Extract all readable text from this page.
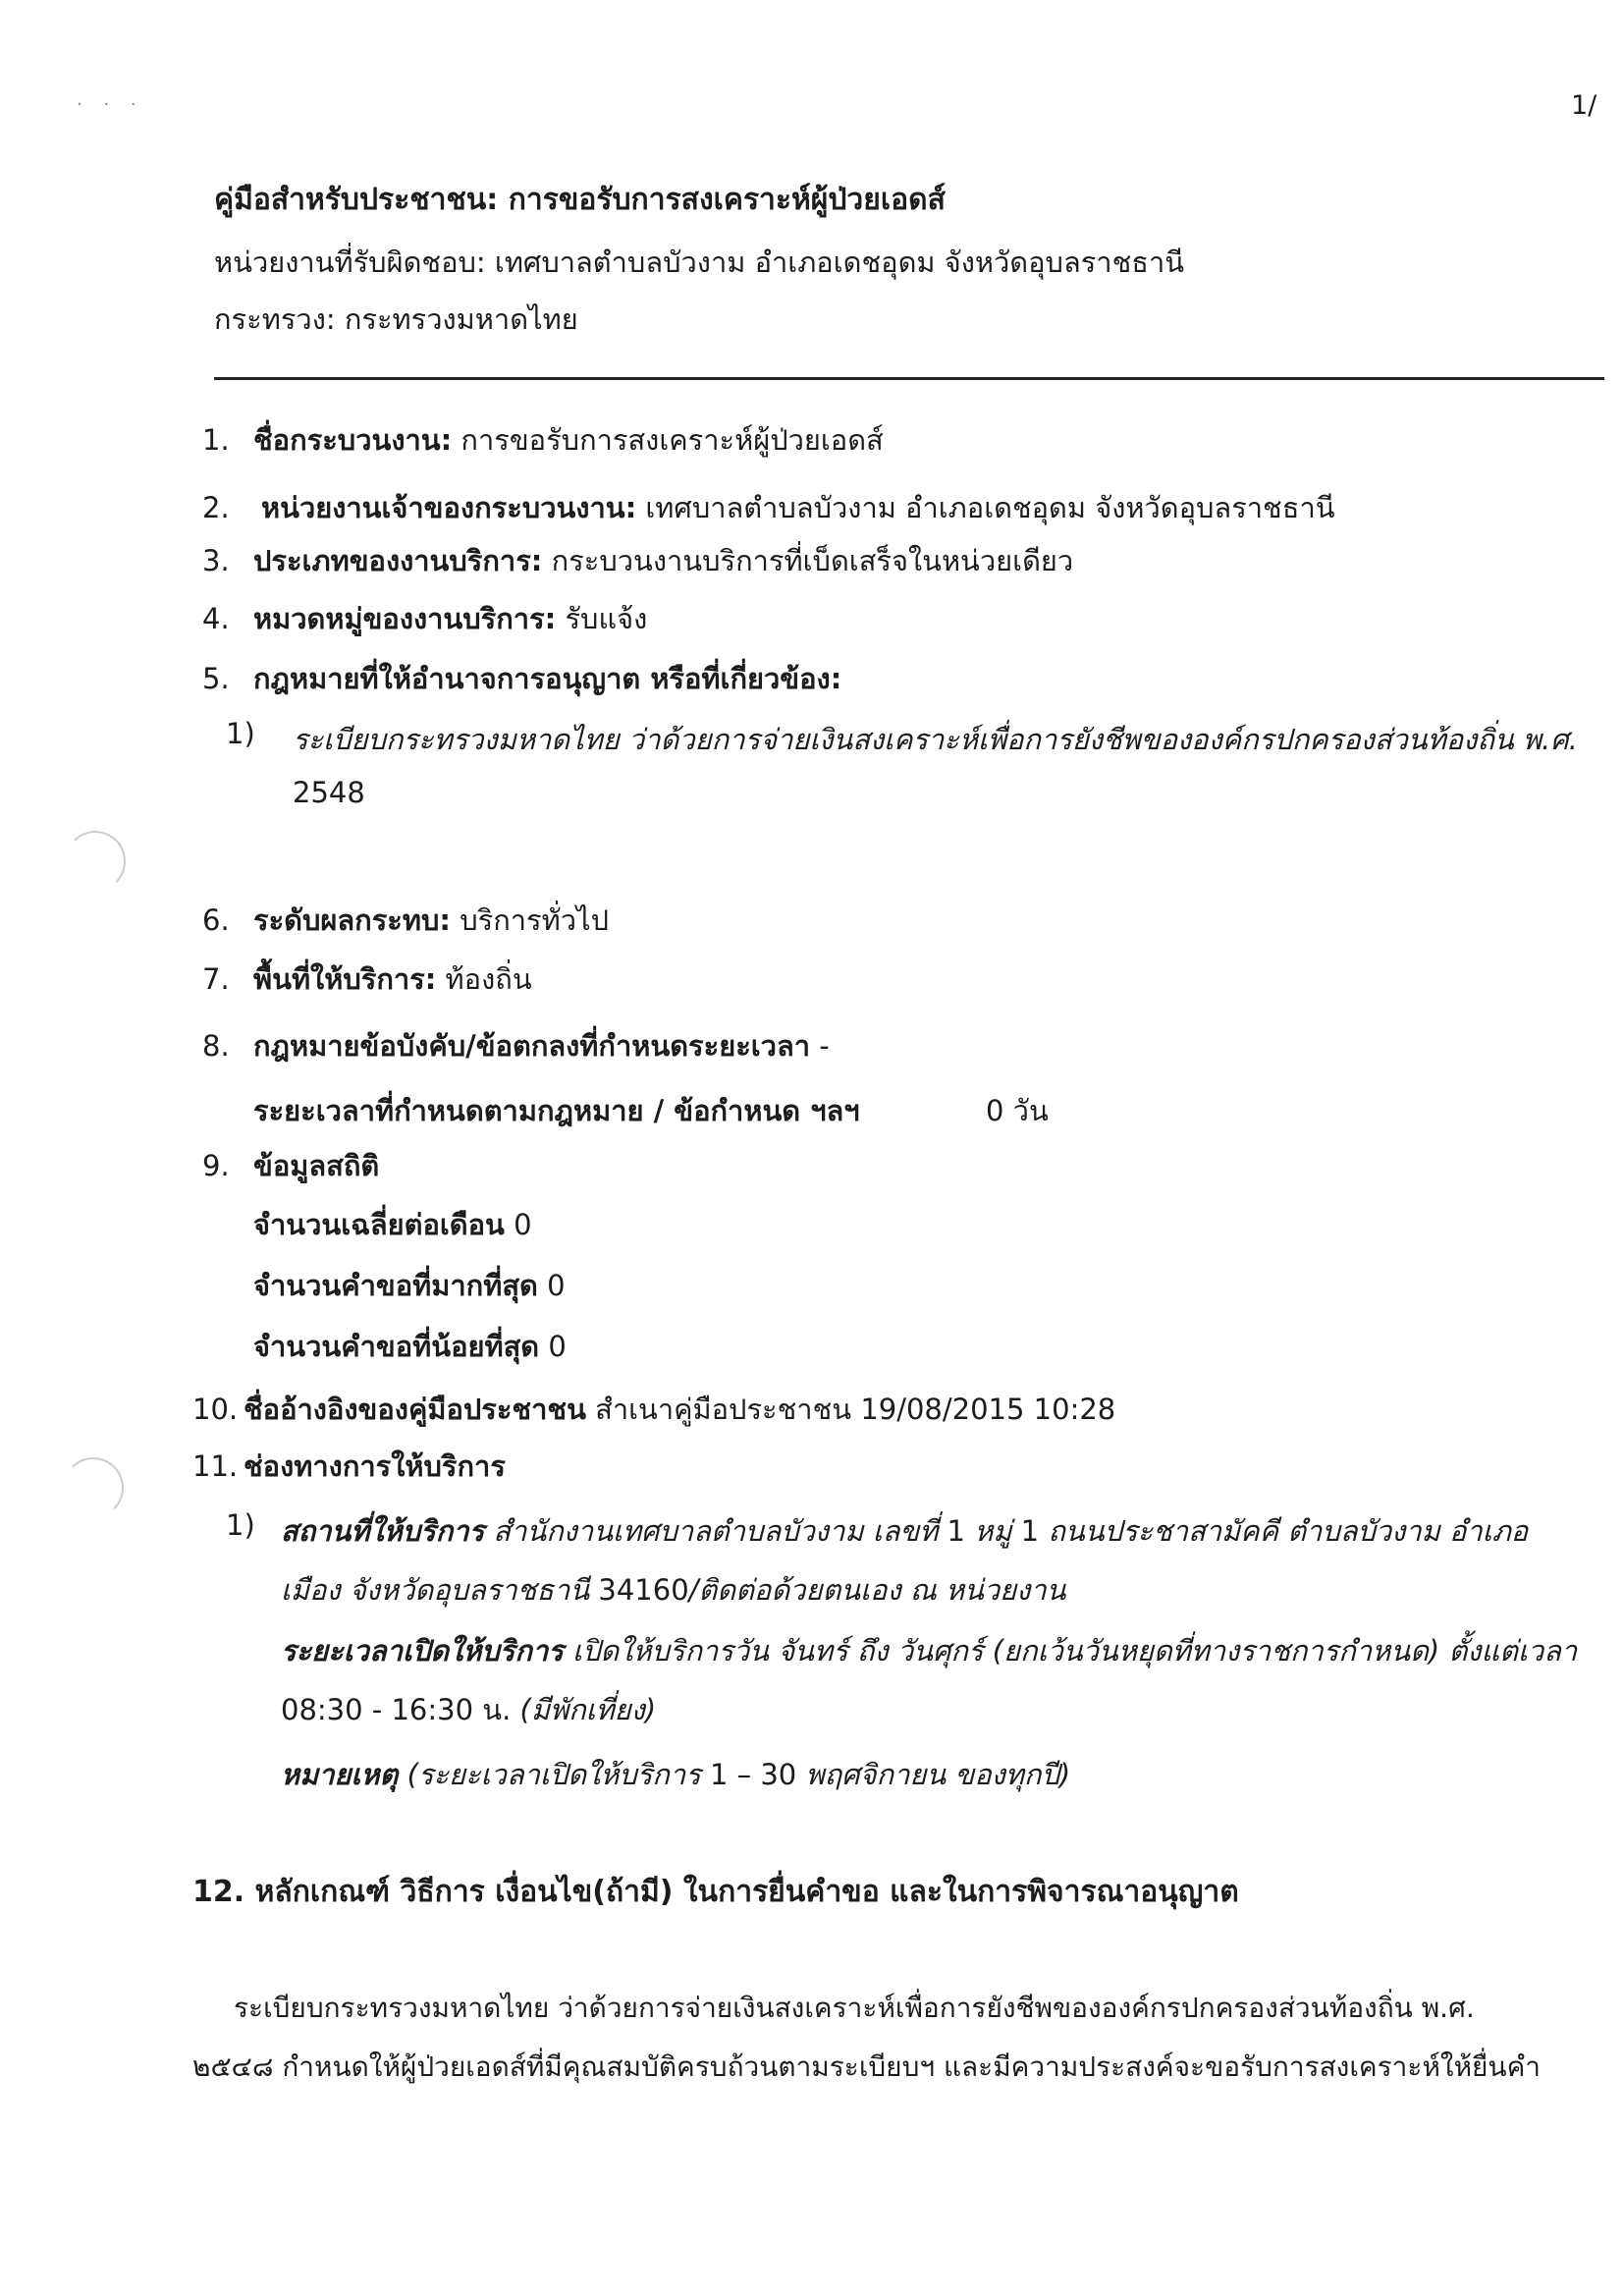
· · ·	1/
คู่มือสำหรับประชาชน: การขอรับการสงเคราะห์ผู้ป่วยเอดส์
หน่วยงานที่รับผิดชอบ: เทศบาลตำบลบัวงาม อำเภอเดชอุดม จังหวัดอุบลราชธานี
กระทรวง: กระทรวงมหาดไทย
1. ชื่อกระบวนงาน: การขอรับการสงเคราะห์ผู้ป่วยเอดส์
2. หน่วยงานเจ้าของกระบวนงาน: เทศบาลตำบลบัวงาม อำเภอเดชอุดม จังหวัดอุบลราชธานี
3. ประเภทของงานบริการ: กระบวนงานบริการที่เบ็ดเสร็จในหน่วยเดียว
4. หมวดหมู่ของงานบริการ: รับแจ้ง
5. กฎหมายที่ให้อำนาจการอนุญาต หรือที่เกี่ยวข้อง:
1) ระเบียบกระทรวงมหาดไทย ว่าด้วยการจ่ายเงินสงเคราะห์เพื่อการยังชีพขององค์กรปกครองส่วนท้องถิ่น พ.ศ.
2548
6. ระดับผลกระทบ: บริการทั่วไป
7. พื้นที่ให้บริการ: ท้องถิ่น
8. กฎหมายข้อบังคับ/ข้อตกลงที่กำหนดระยะเวลา -
ระยะเวลาที่กำหนดตามกฎหมาย / ข้อกำหนด ฯลฯ	0 วัน
9. ข้อมูลสถิติ
จำนวนเฉลี่ยต่อเดือน 0
จำนวนคำขอที่มากที่สุด 0
จำนวนคำขอที่น้อยที่สุด 0
10. ชื่ออ้างอิงของคู่มือประชาชน สำเนาคู่มือประชาชน 19/08/2015 10:28
11. ช่องทางการให้บริการ
1) สถานที่ให้บริการ สำนักงานเทศบาลตำบลบัวงาม เลขที่ 1 หมู่ 1 ถนนประชาสามัคคี ตำบลบัวงาม อำเภอ
เมือง จังหวัดอุบลราชธานี 34160/ติดต่อด้วยตนเอง ณ หน่วยงาน
ระยะเวลาเปิดให้บริการ เปิดให้บริการวัน จันทร์ ถึง วันศุกร์ (ยกเว้นวันหยุดที่ทางราชการกำหนด) ตั้งแต่เวลา
08:30 - 16:30 น. (มีพักเที่ยง)
หมายเหตุ (ระยะเวลาเปิดให้บริการ 1 – 30 พฤศจิกายน ของทุกปี)
12. หลักเกณฑ์ วิธีการ เงื่อนไข(ถ้ามี) ในการยื่นคำขอ และในการพิจารณาอนุญาต
ระเบียบกระทรวงมหาดไทย ว่าด้วยการจ่ายเงินสงเคราะห์เพื่อการยังชีพขององค์กรปกครองส่วนท้องถิ่น พ.ศ.
๒๕๔๘ กำหนดให้ผู้ป่วยเอดส์ที่มีคุณสมบัติครบถ้วนตามระเบียบฯ และมีความประสงค์จะขอรับการสงเคราะห์ให้ยื่นคำ
